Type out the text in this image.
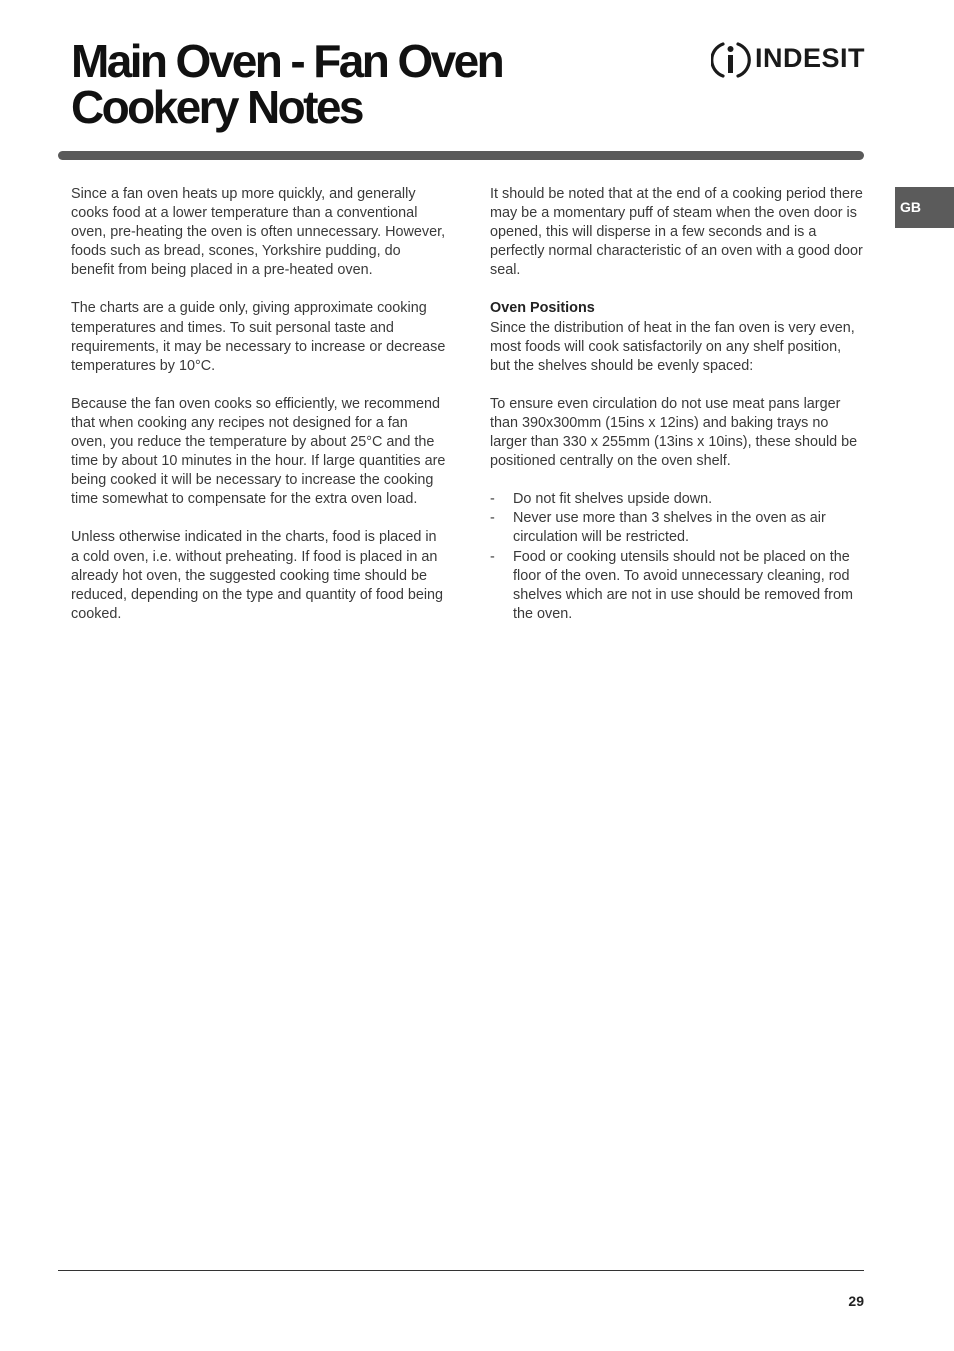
Main Oven - Fan Oven
Cookery Notes
INDESIT
GB

Since a fan oven heats up more quickly, and generally cooks food at a lower temperature than a conventional oven, pre-heating the oven is often unnecessary. However, foods such as bread, scones, Yorkshire pudding, do benefit from being placed in a pre-heated oven.

The charts are a guide only, giving approximate cooking temperatures and times. To suit personal taste and requirements, it may be necessary to increase or decrease temperatures by 10°C.

Because the fan oven cooks so efficiently, we recommend that when cooking any recipes not designed for a fan oven, you reduce the temperature by about 25°C and the time by about 10 minutes in the hour. If large quantities are being cooked it will be necessary to increase the cooking time somewhat to compensate for the extra oven load.

Unless otherwise indicated in the charts, food is placed in a cold oven, i.e. without preheating. If food is placed in an already hot oven, the suggested cooking time should be reduced, depending on the type and quantity of food being cooked.

It should be noted that at the end of a cooking period there may be a momentary puff of steam when the oven door is opened, this will disperse in a few seconds and is a perfectly normal characteristic of an oven with a good door seal.

Oven Positions

Since the distribution of heat in the fan oven is very even, most foods will cook satisfactorily on any shelf position, but the shelves should be evenly spaced:

To ensure even circulation do not use meat pans larger than 390x300mm (15ins x 12ins) and baking trays no larger than 330 x 255mm (13ins x 10ins), these should be positioned centrally on the oven shelf.

- Do not fit shelves upside down.
- Never use more than 3 shelves in the oven as air circulation will be restricted.
- Food or cooking utensils should not be placed on the floor of the oven. To avoid unnecessary cleaning, rod shelves which are not in use should be removed from the oven.
29
